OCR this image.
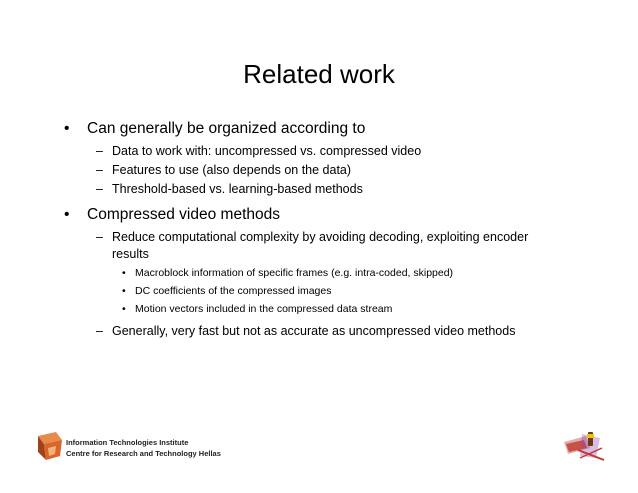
Related work
• Can generally be organized according to
– Data to work with: uncompressed vs. compressed video
– Features to use (also depends on the data)
– Threshold-based vs. learning-based methods
• Compressed video methods
– Reduce computational complexity by avoiding decoding, exploiting encoder
results
• Macroblock information of specific frames (e.g. intra-coded, skipped)
• DC coefficients of the compressed images
• Motion vectors included in the compressed data stream
– Generally, very fast but not as accurate as uncompressed video methods
Information Technologies Institute
Centre for Research and Technology Hellas
